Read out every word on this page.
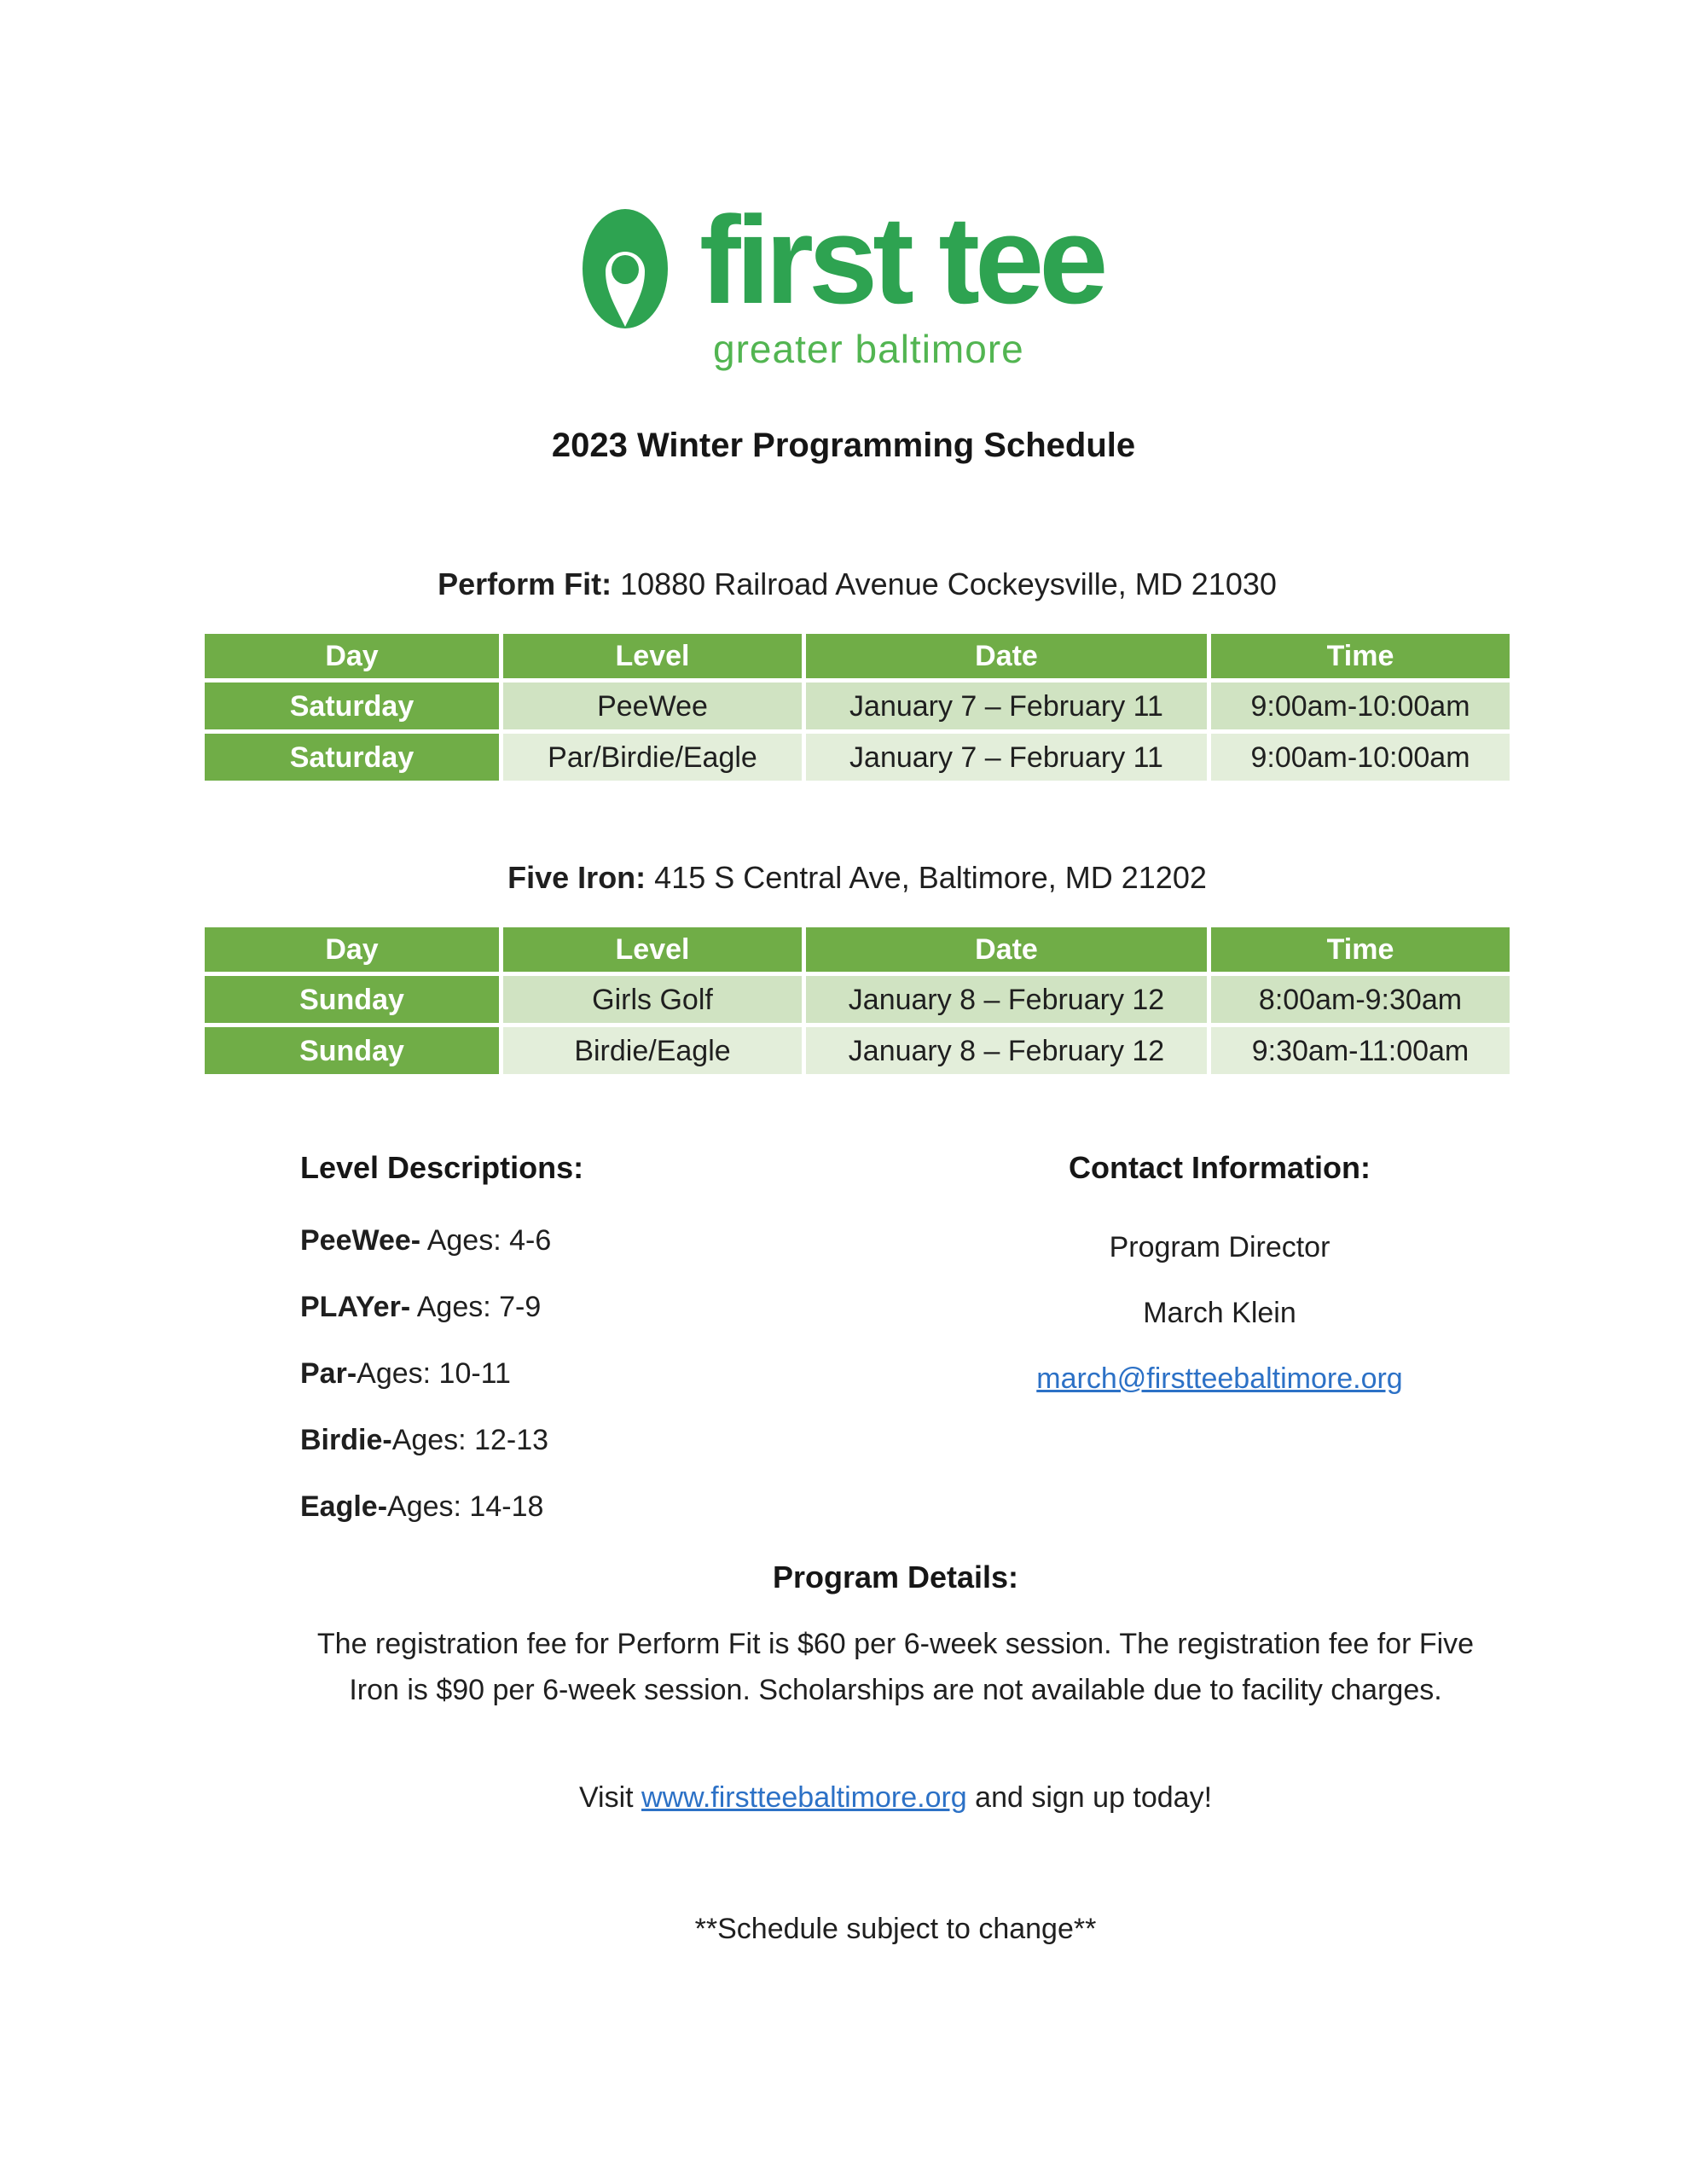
first tee
greater baltimore
2023 Winter Programming Schedule
Perform Fit: 10880 Railroad Avenue Cockeysville, MD 21030
Day	Level	Date	Time
Saturday	PeeWee	January 7 – February 11	9:00am-10:00am
Saturday	Par/Birdie/Eagle	January 7 – February 11	9:00am-10:00am
Five Iron: 415 S Central Ave, Baltimore, MD 21202
Day	Level	Date	Time
Sunday	Girls Golf	January 8 – February 12	8:00am-9:30am
Sunday	Birdie/Eagle	January 8 – February 12	9:30am-11:00am
Level Descriptions:
PeeWee- Ages: 4-6
PLAYer- Ages: 7-9
Par-Ages: 10-11
Birdie-Ages: 12-13
Eagle-Ages: 14-18
Contact Information:
Program Director
March Klein
march@firstteebaltimore.org
Program Details:
The registration fee for Perform Fit is $60 per 6-week session. The registration fee for Five Iron is $90 per 6-week session. Scholarships are not available due to facility charges.
Visit www.firstteebaltimore.org and sign up today!
**Schedule subject to change**
